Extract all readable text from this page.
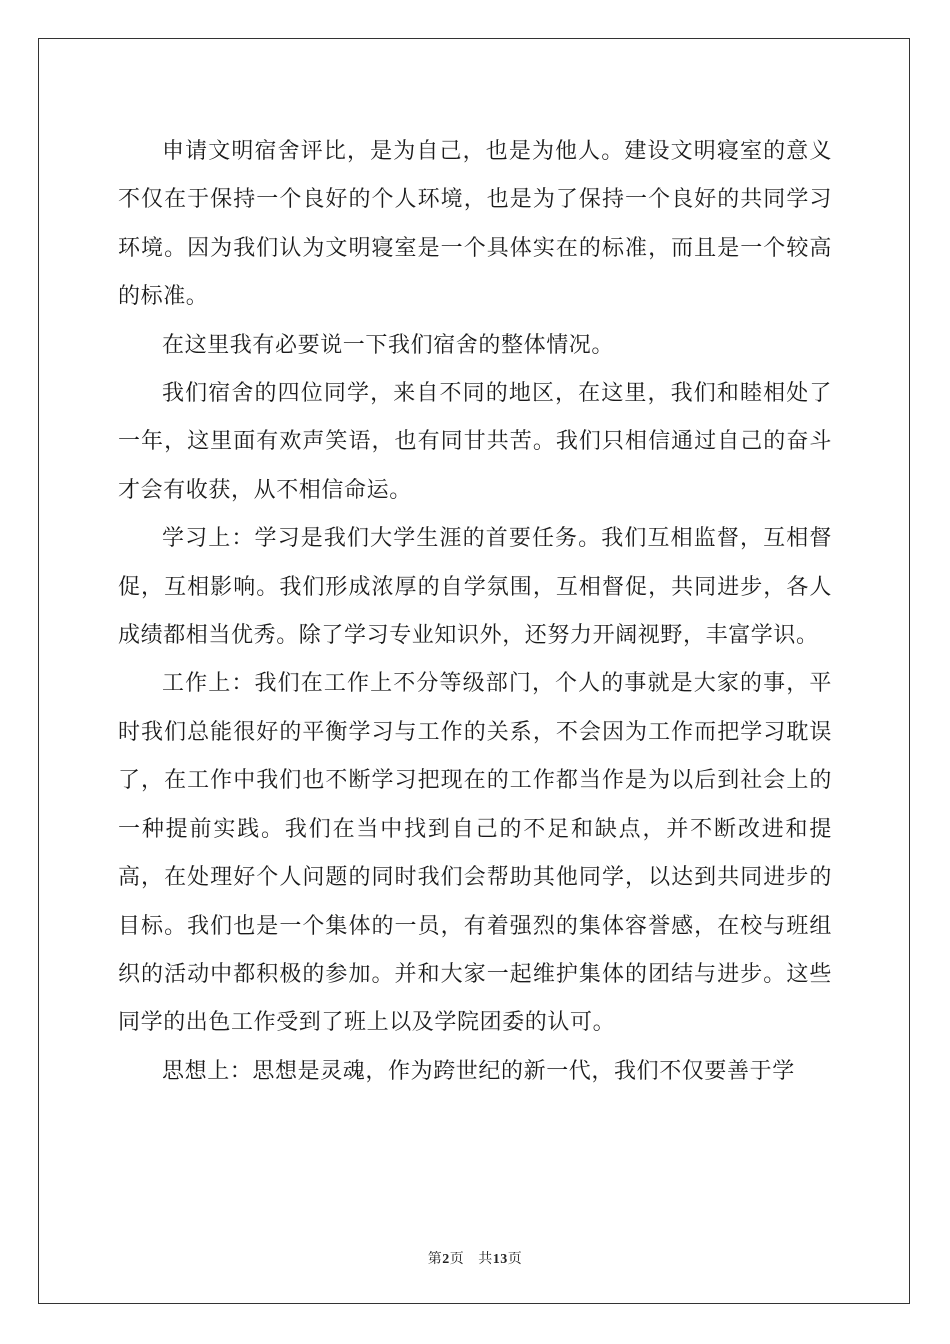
申请文明宿舍评比，是为自己，也是为他人。建设文明寝室的意义不仅在于保持一个良好的个人环境，也是为了保持一个良好的共同学习环境。因为我们认为文明寝室是一个具体实在的标准，而且是一个较高的标准。

在这里我有必要说一下我们宿舍的整体情况。

我们宿舍的四位同学，来自不同的地区，在这里，我们和睦相处了一年，这里面有欢声笑语，也有同甘共苦。我们只相信通过自己的奋斗才会有收获，从不相信命运。

学习上：学习是我们大学生涯的首要任务。我们互相监督，互相督促，互相影响。我们形成浓厚的自学氛围，互相督促，共同进步，各人成绩都相当优秀。除了学习专业知识外，还努力开阔视野，丰富学识。

工作上：我们在工作上不分等级部门，个人的事就是大家的事，平时我们总能很好的平衡学习与工作的关系，不会因为工作而把学习耽误了，在工作中我们也不断学习把现在的工作都当作是为以后到社会上的一种提前实践。我们在当中找到自己的不足和缺点，并不断改进和提高，在处理好个人问题的同时我们会帮助其他同学，以达到共同进步的目标。我们也是一个集体的一员，有着强烈的集体容誉感，在校与班组织的活动中都积极的参加。并和大家一起维护集体的团结与进步。这些同学的出色工作受到了班上以及学院团委的认可。

思想上：思想是灵魂，作为跨世纪的新一代，我们不仅要善于学

第2页 共13页
